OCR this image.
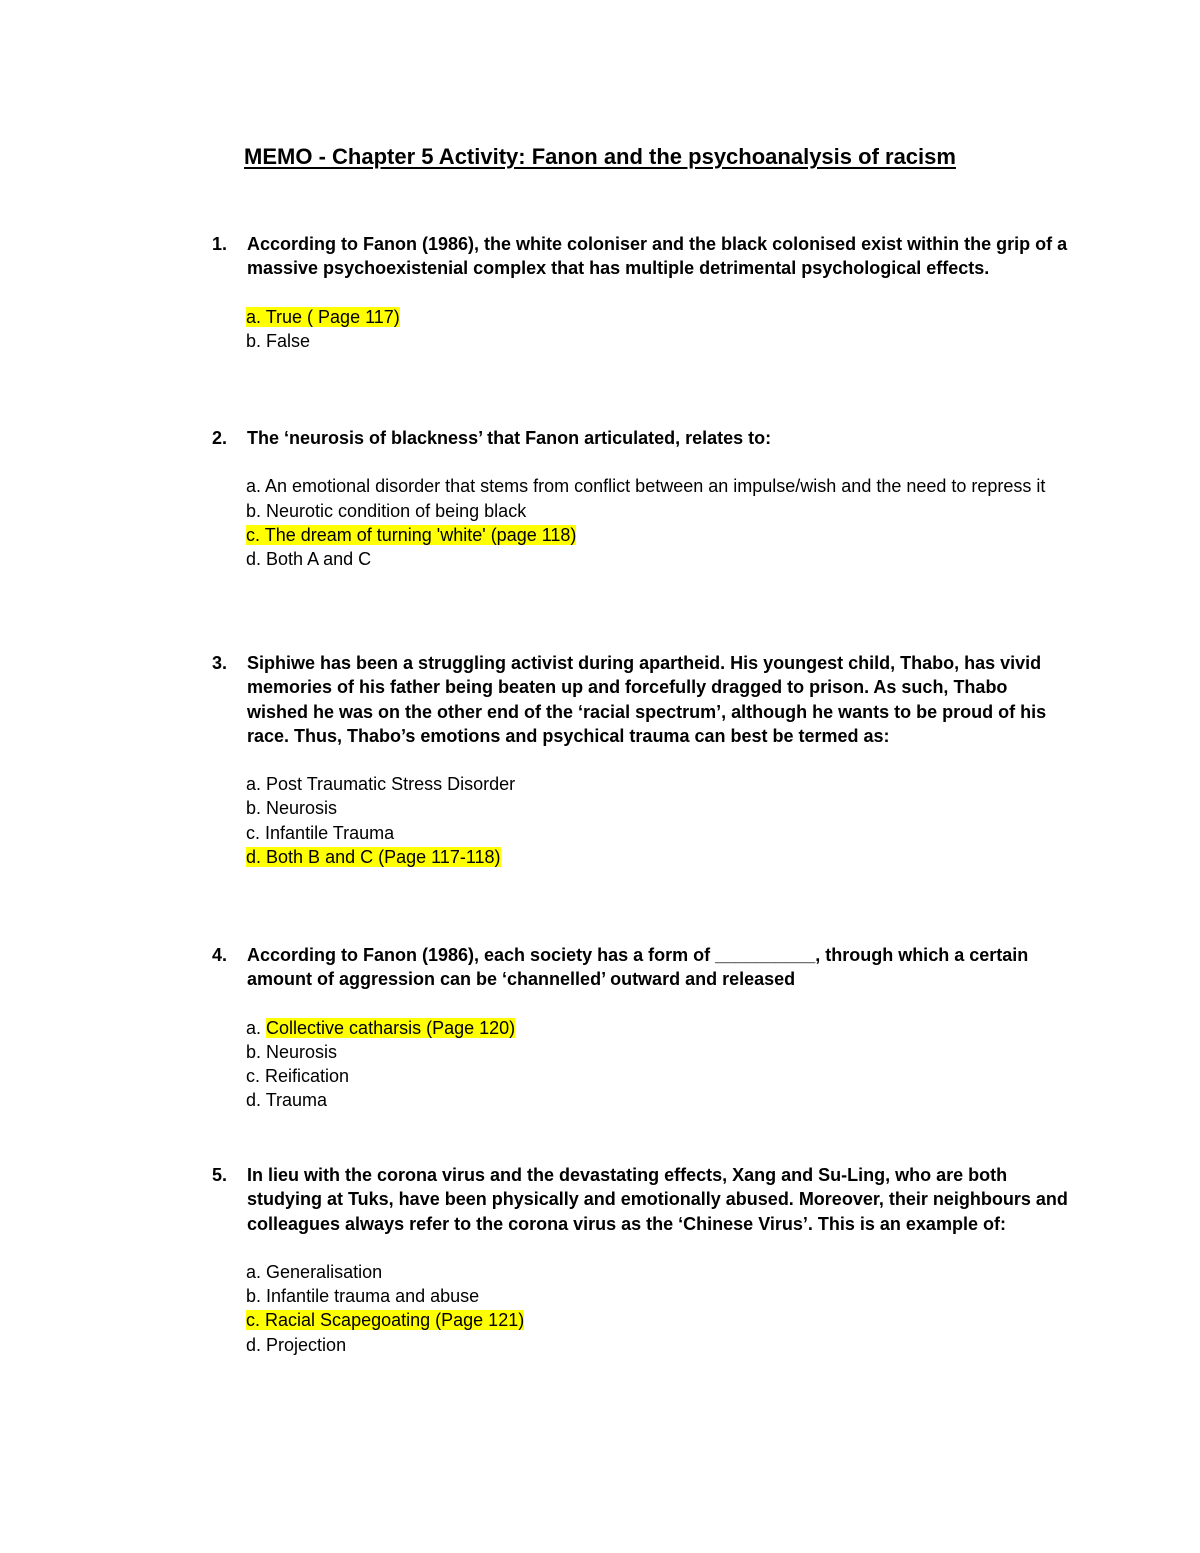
MEMO - Chapter 5 Activity: Fanon and the psychoanalysis of racism
1. According to Fanon (1986), the white coloniser and the black colonised exist within the grip of a massive psychoexistenial complex that has multiple detrimental psychological effects.

a. True ( Page 117)
b. False
2. The ‘neurosis of blackness’ that Fanon articulated, relates to:

a. An emotional disorder that stems from conflict between an impulse/wish and the need to repress it
b. Neurotic condition of being black
c. The dream of turning 'white' (page 118)
d. Both A and C
3. Siphiwe has been a struggling activist during apartheid. His youngest child, Thabo, has vivid memories of his father being beaten up and forcefully dragged to prison. As such, Thabo wished he was on the other end of the ‘racial spectrum’, although he wants to be proud of his race. Thus, Thabo’s emotions and psychical trauma can best be termed as:

a. Post Traumatic Stress Disorder
b. Neurosis
c. Infantile Trauma
d. Both B and C (Page 117-118)
4. According to Fanon (1986), each society has a form of __________, through which a certain amount of aggression can be ‘channelled’ outward and released

a. Collective catharsis (Page 120)
b. Neurosis
c. Reification
d. Trauma
5. In lieu with the corona virus and the devastating effects, Xang and Su-Ling, who are both studying at Tuks, have been physically and emotionally abused. Moreover, their neighbours and colleagues always refer to the corona virus as the ‘Chinese Virus’. This is an example of:

a. Generalisation
b. Infantile trauma and abuse
c. Racial Scapegoating (Page 121)
d. Projection
